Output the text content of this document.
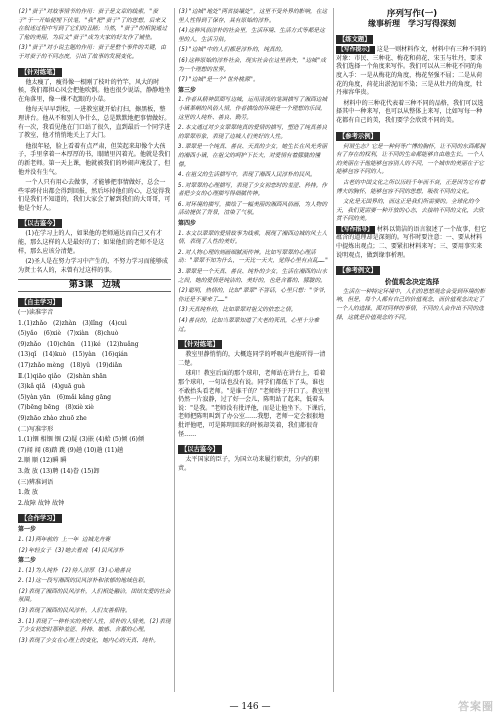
(2)"蚕子"对故事情节的作用：蚕子是文章的线索，"蚕子"于一开始便埋下伏笔，"我"把"蚕子"了的思想，后来又在叙述过程中写到了它们的丑陋；当然，"蚕子"的相貌通过了他的美丽，为后文"蚕子"成为大家的好友作了铺垫。

(3)"蚕子"对小说主题的作用：蚕子是整个事件的关键，由于对蚕子的不同态度，引出了故事的发展变化。

【针对练笔】

他太瘦了，瘦得像一根刚了枝叶的竹竿，风大的时候，我们都担心风会把他吹倒。他也很少说话，静静地坐在角落里，像一棵不起眼的小草。

他每天早早到校，一进教室就开始打扫，擦黑板，整理讲台。他从不和别人争什么，总是默默地把事情做好。有一次，我看见他在门口站了很久，直到最后一个同学进了教室，他才悄悄地关上了大门。

他很年轻，脸上看着有点严肃，但笑起来却像个大孩子，手里拿着一本厚厚的书，眼睛里闪着光。他就是我们的新老师。第一天上课，他就被我们的吵闹声淹没了，但他并没有生气。

一个人只有用心去做事，才能够把事情做好，总会一些零碎付出都会得到回报，然后坏掉他们的心，总觉得我们是我们不知道的，我们大家会了解到我们的大哥哥，可他是个好人。

【以古鉴今】

(1)在学习上的人，如果他的老师通达而自己又有才能，那么这样的人是最好的了；如果他们的老师不是这样，那么应该分清楚。

(2)圣人是在努力学习中产生的，不努力学习而能够成为贤士名人的，未曾有过这样的事。

第3课　边城
【自主学习】

(一)读准字音

1.(1)zhǎo　(2)zhàn　(3)lǐng　(4)cuì

(5)yǎo　(6)xiè　(7)xiàn　(8)chuò

(9)zhǎo　(10)chūn　(11)ké　(12)huǎng

(13)qǐ　(14)kuò　(15)yàn　(16)qián

(17)zhǎo mèng　(18)yǔ　(19)diǎn

Ⅱ.(1)qiāo qiǎo　(2)shàn shān

(3)kǎ qiǎ　(4)guā guà

(5)yàn yān　(6)mǎi kǎng gāng

(7)bēng bēng　(8)xiè xiè

(9)zhāo zhào zhuō zhe

(二)写准字形

1.(1)锢 相锢 锢 (2)疑 (3)嵌 (4)蛤 (5)倾 (6)倾

(7)闻 闻 (8)踏 跳 (9)趟 (10)趟 (11)趟

2.顺 顺 (12)瞬 瞬

3.敛 放 (13)聘 (14)眷 (15)卸

(三)辨准词语

1.敛 放

2.故障 故钟 故钟

【合作学习】
第一步

1.(1)两年前的 上一年 边城龙舟赛

(2)年轻女子 (3)她去看戏 (4)民风淳朴

第二步

1.(1)为人纯朴 (2)待人淳厚 (3)心地善良

2.(1)这一段写湘西的民风淳朴和浓郁的地域色彩。

(2)表现了湘西的民风淳朴，人们相处融洽，团结友爱的社会氛围。

(3)表现了湘西的民风淳朴，人们友善相待。

3.(1)表现了一种朴实的美好人性，质朴的人情美。(2)表现了少女初恋时那种羞涩、矜持、敏感、含蓄的心理。

(3)表现了少女在心理上的变化，她内心的天真、纯朴。

(3)"边城"地处"两省接壤处"，这里不受外界的影响，在这里人性得到了保存，具有原始的淳朴。

(4)这种风俗淳朴的社会里，生活环境、生活方式等都是这里的人，生活习俗。

(5)"边城"中的人们都是淳朴的，纯真的。

(6)这种原始的淳朴社会，现实社会在这里消失，"边城"成为一个理想的世界。

(7)"边城"是一个"世外桃源"。

第三步

1.作者从精神层面写边城，运用清淡的笔调描写了湘西边城小镇茶峒的风俗人情，作者描绘的环境是一个理想的乐园，这里的人纯朴、善良、勤劳。

2.本文通过对少女翠翠纯真的爱情的描写，塑造了纯真善良的翠翠形象，表现了边城人们美好的人性。

3.翠翠是一个纯真、善良、天真的少女，她生长在风光秀丽的湘西小镇，在祖父的呵护下长大，对爱情有着朦胧的憧憬。

4.在祖父的生活描写中，表现了湘西人民淳朴的民风。

5.对翠翠的心理描写，表现了少女初恋时的羞涩、矜持。作者把少女的心理描写得细腻传神。

6.对环境的描写，描绘了一幅美丽的湘西风俗画，为人物的活动提供了背景，渲染了气氛。

第四步

1.本文以翠翠的爱情故事为线索，展现了湘西边城的风土人情，表现了人性的美好。

2.对人物心理的刻画细腻而传神。比如写翠翠的心理活动："翠翠不知为什么，一天比一天大，觉得心里有点乱……"

3.翠翠是一个天真、善良、纯朴的少女，生活在湘西的山水之间，她的爱情是纯洁的、美好的，也是含蓄的、朦胧的。

(2)聪明，热情的，比如"翠翠"不答话，心里只想："爷爷，你还是不要来了……"

(3)天真纯朴的，比如翠翠对祖父的依恋之情。

(4)善良的，比如当翠翠知道了大老的死讯，心里十分难过。

【针对练笔】

教室里静悄悄的，大概连同学的呼吸声也能听得一清二楚。

球印！教室后面的那个球印，老师站在讲台上，看着那个球印，一句话也没有说。同学们都低下了头，谁也不敢抬头看老师。"是谁干的？"老师终于开口了。教室里仍然一片寂静，过了好一会儿，陈明站了起来，低着头说："是我。"老师没有批评他，而是让他坐下。下课后，老师把陈明叫到了办公室……我想，老师一定会狠狠地批评他吧，可是陈明回来的时候却笑着，我们都很奇怪……

【以古鉴今】

太平国家的臣子，为国立功来履行职责，分内的职责。

序列写作(一)
缘事析理　学习写得深刻
【练文题】

【写作提示】 这是一则材料作文，材料中有三种不同的对象：市民、三种花、梅花和荷花、宋玉与牡丹，要求我们选择一个角度来写作。我们可以从三种花不同的角度入手：一是从梅花的角度，梅花坚强不屈；二是从荷花的角度，荷花出淤泥而不染；三是从牡丹的角度，牡丹雍容华贵。

材料中的三种花代表着三种不同的品格，我们可以选择其中一种来写，也可以从整体上来写，比如写每一种花都有自己的美，我们要学会欣赏不同的美。

【参考示例】

何谓生态？它是一种何等广博的胸怀，让不同的东西都拥有了存在的权利，让不同的生命都能够自由地生长。一个人的美丽在于他能够包容别人的不同，一个城市的美丽在于它能够包容不同的人。

古老的中国文化之所以历经千年而不衰，正是因为它有着博大的胸怀，能够包容不同的思想，吸收不同的文化。

文化是无国界的，而这正是我们所需要的。全球化的今天，我们更需要一种开放的心态，去接纳不同的文化，去欣赏不同的美。

【写作指导】 材料以简洁的语言叙述了一个故事，但它蕴含的道理却是深刻的。写作时要注意：一、要从材料中提炼出观点；二、要紧扣材料来写；三、要用事实来说明观点，做到缘事析理。

【参考例文】
价值观念决定选择

生活在一种特定环境中，人们的思想观念会受到环境的影响，但是，每个人都有自己的价值观念，而价值观念决定了一个人的选择。面对同样的事情，不同的人会作出不同的选择，这就是价值观念的不同。

— 146 —	答案圈
